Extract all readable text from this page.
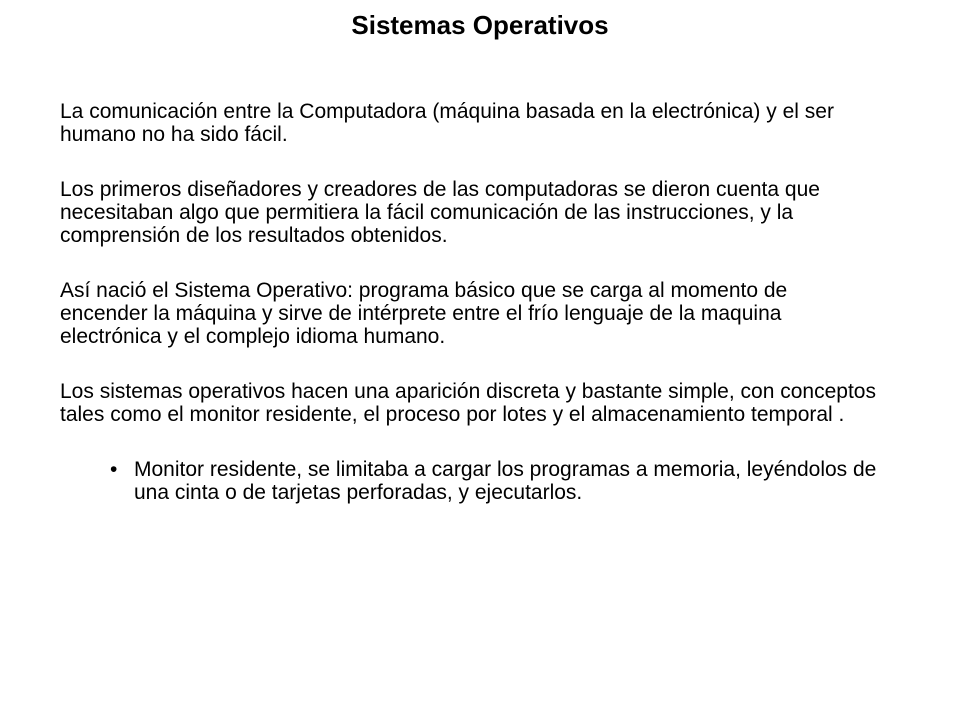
Sistemas Operativos

La comunicación entre la Computadora (máquina basada en la electrónica) y el ser humano no ha sido fácil.

Los primeros diseñadores y creadores de las computadoras se dieron cuenta que necesitaban algo que permitiera la fácil comunicación de las instrucciones, y la comprensión de los resultados obtenidos.

Así nació el Sistema Operativo: programa básico que se carga al momento de encender la máquina y sirve de intérprete entre el frío lenguaje de la maquina electrónica y el complejo idioma humano.

Los sistemas operativos hacen una aparición discreta y bastante simple, con conceptos tales como el monitor residente, el proceso por lotes y el almacenamiento temporal .

• Monitor residente, se limitaba a cargar los programas a memoria, leyéndolos de una cinta o de tarjetas perforadas, y ejecutarlos.
